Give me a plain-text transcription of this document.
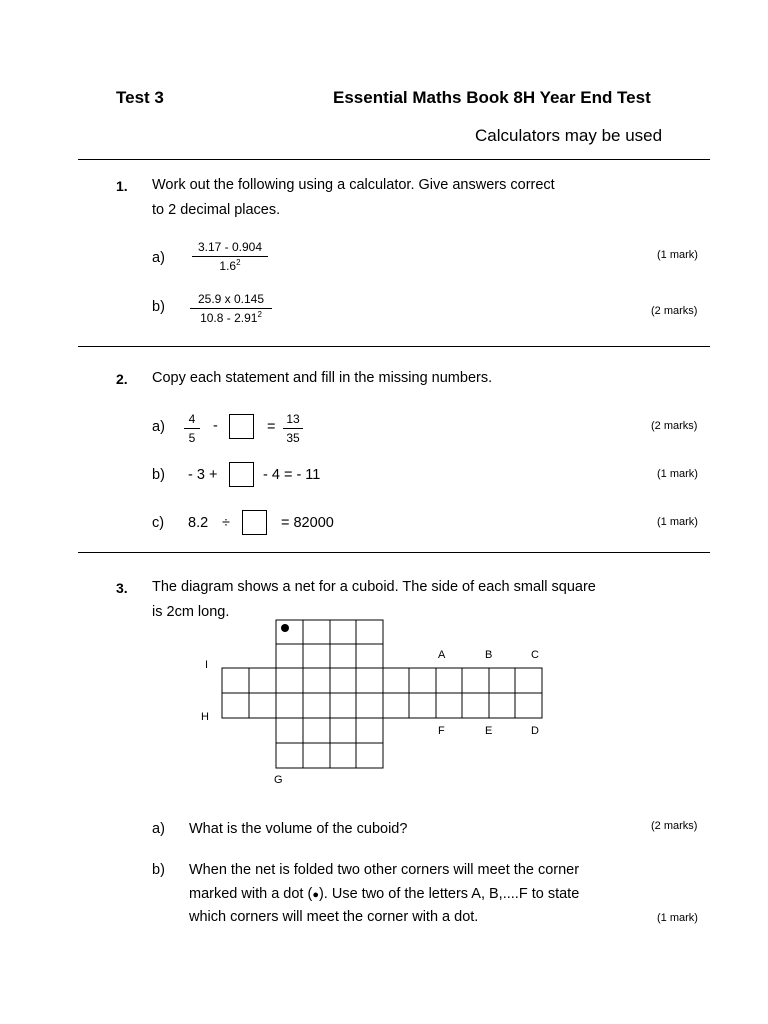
Test 3	Essential Maths Book 8H Year End Test
Calculators may be used
1. Work out the following using a calculator. Give answers correct
to 2 decimal places.
a)
3.17 - 0.904
$1.6^2$
(1 mark)
b)	25.9 x 0.145
10.8 - 2.91$^2$	(2 marks)
2. Copy each statement and fill in the missing numbers.
a)	4
5
-	= 13
35
(2 marks)
b) - 3 +	- 4 = - 11	(1 mark)
c) 8.2 ÷	= 82000	(1 mark)
3. The diagram shows a net for a cuboid. The side of each small square
is 2cm long.
A	B	C
I
H
F	E	D
G
a) What is the volume of the cuboid?	(2 marks)
b) When the net is folded two other corners will meet the corner
marked with a dot (●). Use two of the letters A, B,....F to state
which corners will meet the corner with a dot.	(1 mark)
